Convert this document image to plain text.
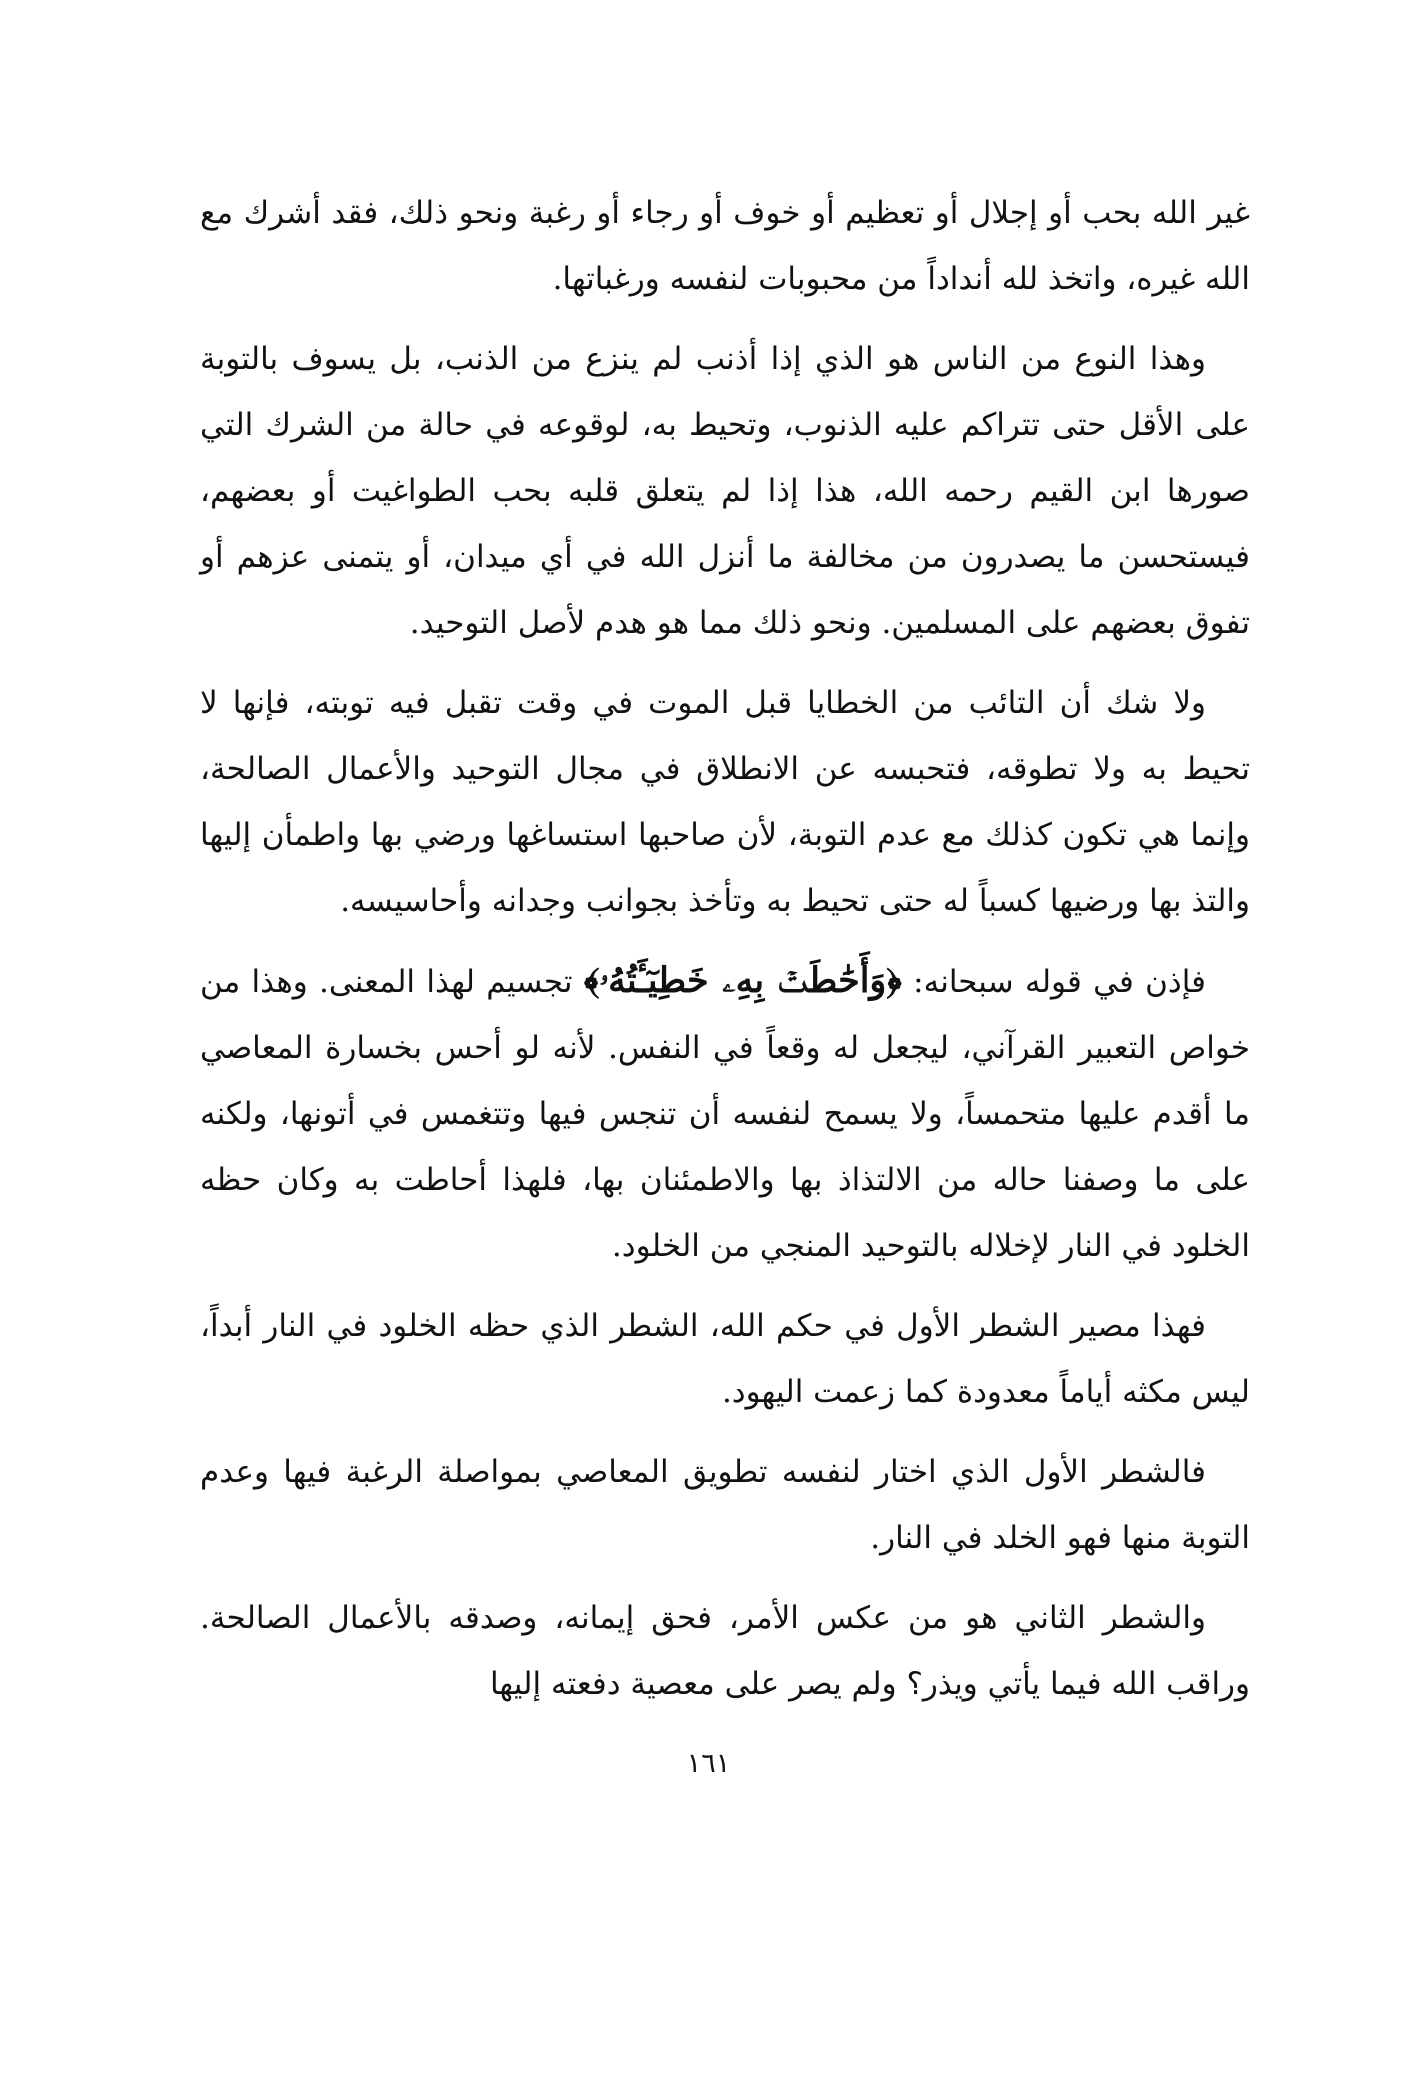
غير الله بحب أو إجلال أو تعظيم أو خوف أو رجاء أو رغبة ونحو ذلك، فقد أشرك مع الله غيره، واتخذ لله أنداداً من محبوبات لنفسه ورغباتها.

وهذا النوع من الناس هو الذي إذا أذنب لم ينزع من الذنب، بل يسوف بالتوبة على الأقل حتى تتراكم عليه الذنوب، وتحيط به، لوقوعه في حالة من الشرك التي صورها ابن القيم رحمه الله، هذا إذا لم يتعلق قلبه بحب الطواغيت أو بعضهم، فيستحسن ما يصدرون من مخالفة ما أنزل الله في أي ميدان، أو يتمنى عزهم أو تفوق بعضهم على المسلمين. ونحو ذلك مما هو هدم لأصل التوحيد.

ولا شك أن التائب من الخطايا قبل الموت في وقت تقبل فيه توبته، فإنها لا تحيط به ولا تطوقه، فتحبسه عن الانطلاق في مجال التوحيد والأعمال الصالحة، وإنما هي تكون كذلك مع عدم التوبة، لأن صاحبها استساغها ورضي بها واطمأن إليها والتذ بها ورضيها كسباً له حتى تحيط به وتأخذ بجوانب وجدانه وأحاسيسه.

فإذن في قوله سبحانه: ﴿وَأَحَٰطَتۡ بِهِۦ خَطِيٓـَٔتُهُۥ﴾ تجسيم لهذا المعنى. وهذا من خواص التعبير القرآني، ليجعل له وقعاً في النفس. لأنه لو أحس بخسارة المعاصي ما أقدم عليها متحمساً، ولا يسمح لنفسه أن تنجس فيها وتتغمس في أتونها، ولكنه على ما وصفنا حاله من الالتذاذ بها والاطمئنان بها، فلهذا أحاطت به وكان حظه الخلود في النار لإخلاله بالتوحيد المنجي من الخلود.

فهذا مصير الشطر الأول في حكم الله، الشطر الذي حظه الخلود في النار أبداً، ليس مكثه أياماً معدودة كما زعمت اليهود.

فالشطر الأول الذي اختار لنفسه تطويق المعاصي بمواصلة الرغبة فيها وعدم التوبة منها فهو الخلد في النار.

والشطر الثاني هو من عكس الأمر، فحق إيمانه، وصدقه بالأعمال الصالحة. وراقب الله فيما يأتي ويذر؟ ولم يصر على معصية دفعته إليها

١٦١
